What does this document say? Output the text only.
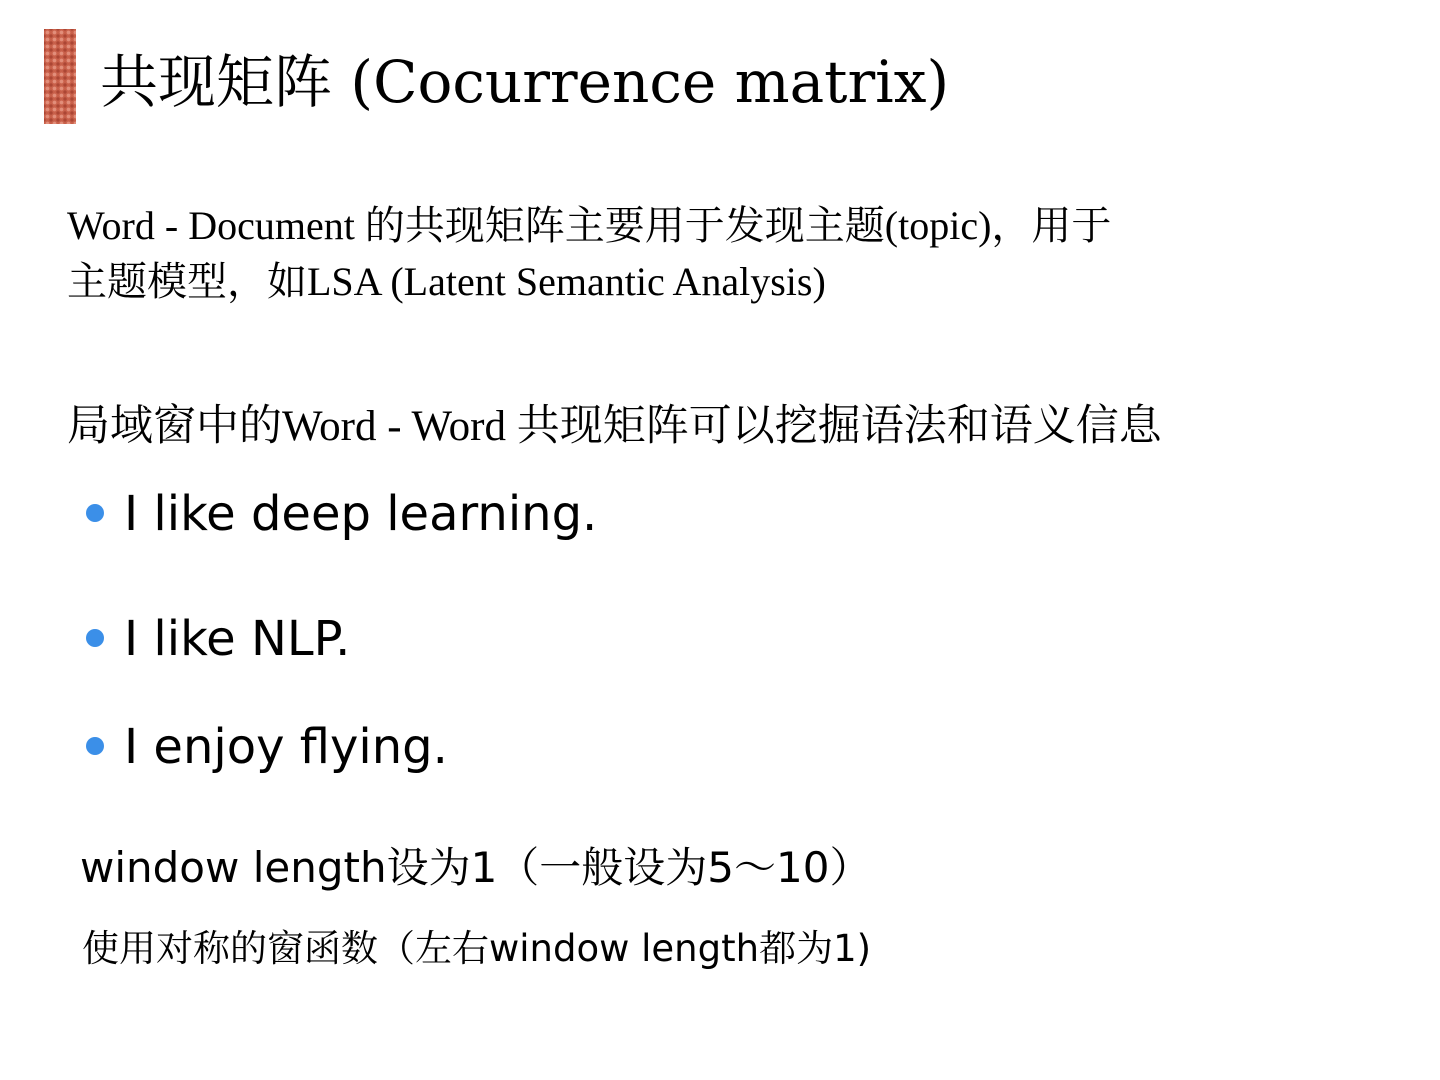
共现矩阵 (Cocurrence matrix)
Word - Document 的共现矩阵主要用于发现主题(topic)，用于
主题模型，如LSA (Latent Semantic Analysis)
局域窗中的Word - Word 共现矩阵可以挖掘语法和语义信息
I like deep learning.
I like NLP.
I enjoy flying.
window length设为1（一般设为5～10）
使用对称的窗函数（左右window length都为1)
